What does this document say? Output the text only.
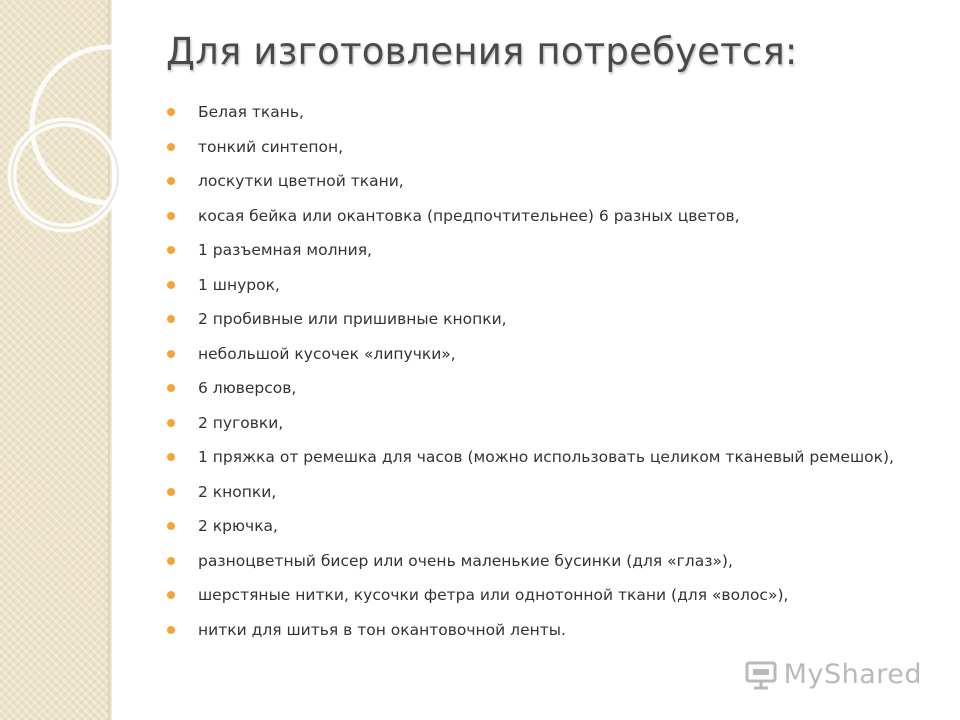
Для изготовления потребуется:
Белая ткань,
тонкий синтепон,
лоскутки цветной ткани,
косая бейка или окантовка (предпочтительнее) 6 разных цветов,
1 разъемная молния,
1 шнурок,
2 пробивные или пришивные кнопки,
небольшой кусочек «липучки»,
6 люверсов,
2 пуговки,
1 пряжка от ремешка для часов (можно использовать целиком тканевый ремешок),
2 кнопки,
2 крючка,
разноцветный бисер или очень маленькие бусинки (для «глаз»),
шерстяные нитки, кусочки фетра или однотонной ткани (для «волос»),
нитки для шитья в тон окантовочной ленты.
MyShared
